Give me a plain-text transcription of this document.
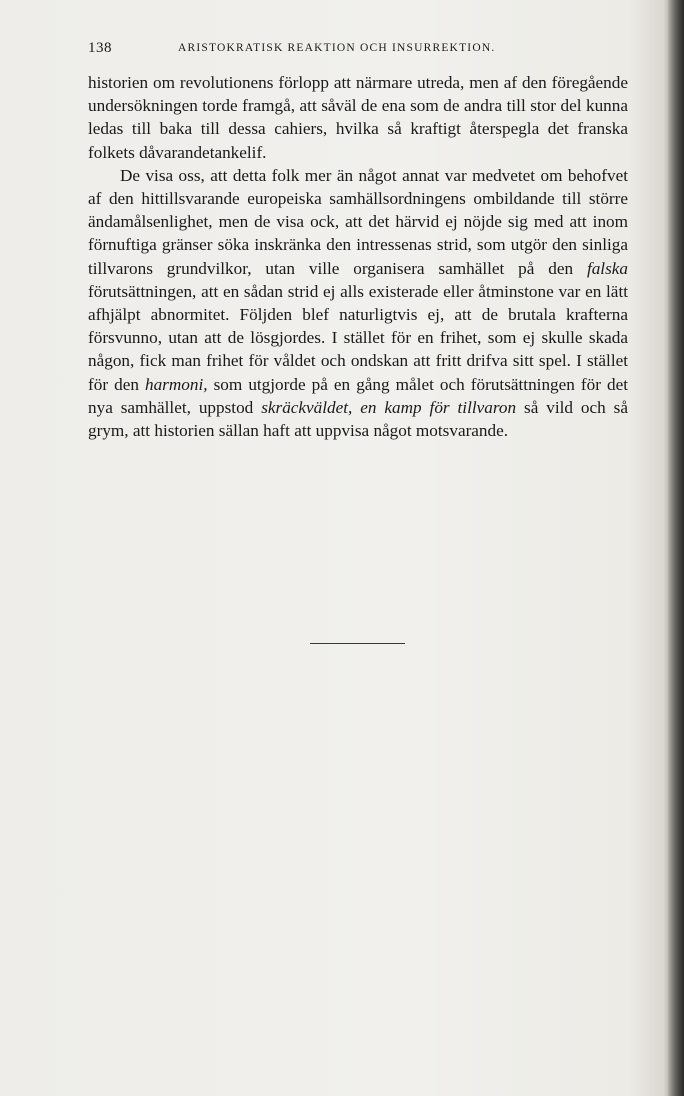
138	ARISTOKRATISK REAKTION OCH INSURREKTION.

historien om revolutionens förlopp att närmare utreda, men af den föregående undersökningen torde framgå, att såväl de ena som de andra till stor del kunna ledas till baka till dessa cahiers, hvilka så kraftigt återspegla det franska folkets dåvarandetankelif.

De visa oss, att detta folk mer än något annat var medvetet om behofvet af den hittillsvarande europeiska samhällsordningens ombildande till större ändamålsenlighet, men de visa ock, att det härvid ej nöjde sig med att inom förnuftiga gränser söka inskränka den intressenas strid, som utgör den sinliga tillvarons grundvilkor, utan ville organisera samhället på den falska förutsättningen, att en sådan strid ej alls existerade eller åtminstone var en lätt afhjälpt abnormitet. Följden blef naturligtvis ej, att de brutala krafterna försvunno, utan att de lösgjordes. I stället för en frihet, som ej skulle skada någon, fick man frihet för våldet och ondskan att fritt drifva sitt spel. I stället för den harmoni, som utgjorde på en gång målet och förutsättningen för det nya samhället, uppstod skräckväldet, en kamp för tillvaron så vild och så grym, att historien sällan haft att uppvisa något motsvarande.
